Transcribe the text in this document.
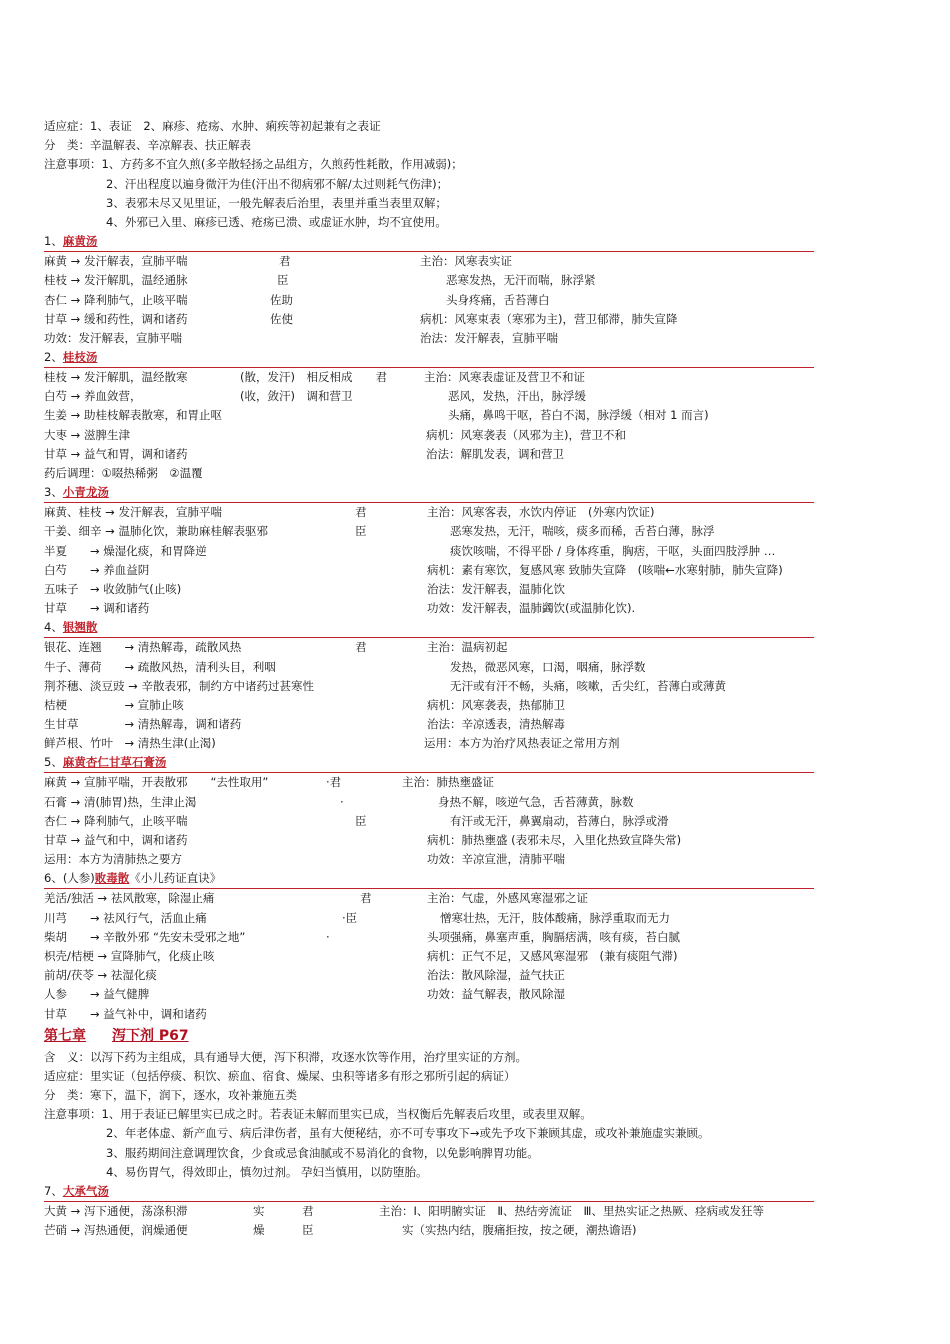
适应症：1、表证　2、麻疹、疮疡、水肿、痢疾等初起兼有之表证
分　类：辛温解表、辛凉解表、扶正解表
注意事项：1、方药多不宜久煎(多辛散轻扬之品组方，久煎药性耗散，作用减弱)；
2、汗出程度以遍身微汗为佳(汗出不彻病邪不解/太过则耗气伤津)；
3、表邪未尽又见里证，一般先解表后治里，表里并重当表里双解；
4、外邪已入里、麻疹已透、疮疡已溃、或虚证水肿，均不宜使用。
1、麻黄汤
麻黄 → 发汗解表，宣肺平喘	君	主治：风寒表实证
桂枝 → 发汗解肌，温经通脉	臣	恶寒发热，无汗而喘，脉浮紧
杏仁 → 降利肺气，止咳平喘	佐助	头身疼痛，舌苔薄白
甘草 → 缓和药性，调和诸药	佐使	病机：风寒束表（寒邪为主)，营卫郁滞，肺失宣降
功效：发汗解表，宣肺平喘	治法：发汗解表，宣肺平喘
2、桂枝汤
桂枝 → 发汗解肌，温经散寒	(散，发汗)　相反相成　　君	主治：风寒表虚证及营卫不和证
白芍 → 养血敛营，	(收，敛汗)　调和营卫	恶风，发热，汗出，脉浮缓
生姜 → 助桂枝解表散寒，和胃止呕	头痛，鼻鸣干呕，苔白不渴，脉浮缓（相对 1 而言)
大枣 → 滋脾生津	病机：风寒袭表（风邪为主)，营卫不和
甘草 → 益气和胃，调和诸药	治法：解肌发表，调和营卫
药后调理：①啜热稀粥　②温覆
3、小青龙汤
麻黄、桂枝 → 发汗解表，宣肺平喘	君	主治：风寒客表，水饮内停证　(外寒内饮证)
干姜、细辛 → 温肺化饮，兼助麻桂解表驱邪	臣	恶寒发热，无汗，喘咳，痰多而稀，舌苔白薄，脉浮
半夏　　→ 燥湿化痰，和胃降逆	痰饮咳喘，不得平卧 / 身体疼重，胸痞，干呕，头面四肢浮肿 …
白芍　　→ 养血益阴	病机：素有寒饮，复感风寒 致肺失宣降　(咳喘←水寒射肺，肺失宣降)
五味子　→ 收敛肺气(止咳)	治法：发汗解表，温肺化饮
甘草　　→ 调和诸药	功效：发汗解表，温肺蠲饮(或温肺化饮).
4、银翘散
银花、连翘　　→ 清热解毒，疏散风热	君	主治：温病初起
牛子、薄荷　　→ 疏散风热，清利头目，利咽	发热，微恶风寒，口渴，咽痛，脉浮数
荆芥穗、淡豆豉 → 辛散表邪，制约方中诸药过甚寒性	无汗或有汗不畅，头痛，咳嗽，舌尖红，苔薄白或薄黄
桔梗　　　　　→ 宣肺止咳	病机：风寒袭表，热郁肺卫
生甘草　　　　→ 清热解毒，调和诸药	治法：辛凉透表，清热解毒
鲜芦根、竹叶　→ 清热生津(止渴)	运用：本方为治疗风热表证之常用方剂
5、麻黄杏仁甘草石膏汤
麻黄 → 宣肺平喘，开表散邪　　“去性取用”	·君	主治：肺热壅盛证
石膏 → 清(肺胃)热，生津止渴	·	身热不解，咳逆气急，舌苔薄黄，脉数
杏仁 → 降利肺气，止咳平喘	臣	有汗或无汗，鼻翼扇动，苔薄白，脉浮或滑
甘草 → 益气和中，调和诸药	病机：肺热壅盛 (表邪未尽，入里化热致宣降失常)
运用：本方为清肺热之要方	功效：辛凉宣泄，清肺平喘
6、(人参)败毒散《小儿药证直诀》
羌活/独活 → 祛风散寒，除湿止痛	君	主治：气虚，外感风寒湿邪之证
川芎　　→ 祛风行气，活血止痛	·臣	憎寒壮热，无汗，肢体酸痛，脉浮重取而无力
柴胡　　→ 辛散外邪 “先安未受邪之地”	·	头项强痛，鼻塞声重，胸膈痞满，咳有痰，苔白腻
枳壳/桔梗 → 宣降肺气，化痰止咳	病机：正气不足，又感风寒湿邪　(兼有痰阻气滞)
前胡/茯苓 → 祛湿化痰	治法：散风除湿，益气扶正
人参　　→ 益气健脾	功效：益气解表，散风除湿
甘草　　→ 益气补中，调和诸药
第七章 泻下剂 P67
含　义：以泻下药为主组成，具有通导大便，泻下积滞，攻逐水饮等作用，治疗里实证的方剂。
适应症：里实证（包括停痰、积饮、瘀血、宿食、燥屎、虫积等诸多有形之邪所引起的病证）
分　类：寒下，温下，润下，逐水，攻补兼施五类
注意事项：1、用于表证已解里实已成之时。若表证未解而里实已成，当权衡后先解表后攻里，或表里双解。
2、年老体虚、新产血亏、病后津伤者，虽有大便秘结，亦不可专事攻下→或先予攻下兼顾其虚，或攻补兼施虚实兼顾。
3、服药期间注意调理饮食，少食或忌食油腻或不易消化的食物，以免影响脾胃功能。
4、易伤胃气，得效即止，慎勿过剂。 孕妇当慎用，以防堕胎。
7、大承气汤
大黄 → 泻下通便，荡涤积滞	实	君	主治：Ⅰ、阳明腑实证　Ⅱ、热结旁流证　Ⅲ、里热实证之热厥、痉病或发狂等
芒硝 → 泻热通便，润燥通便	燥	臣	实（实热内结，腹痛拒按，按之硬，潮热谵语)
